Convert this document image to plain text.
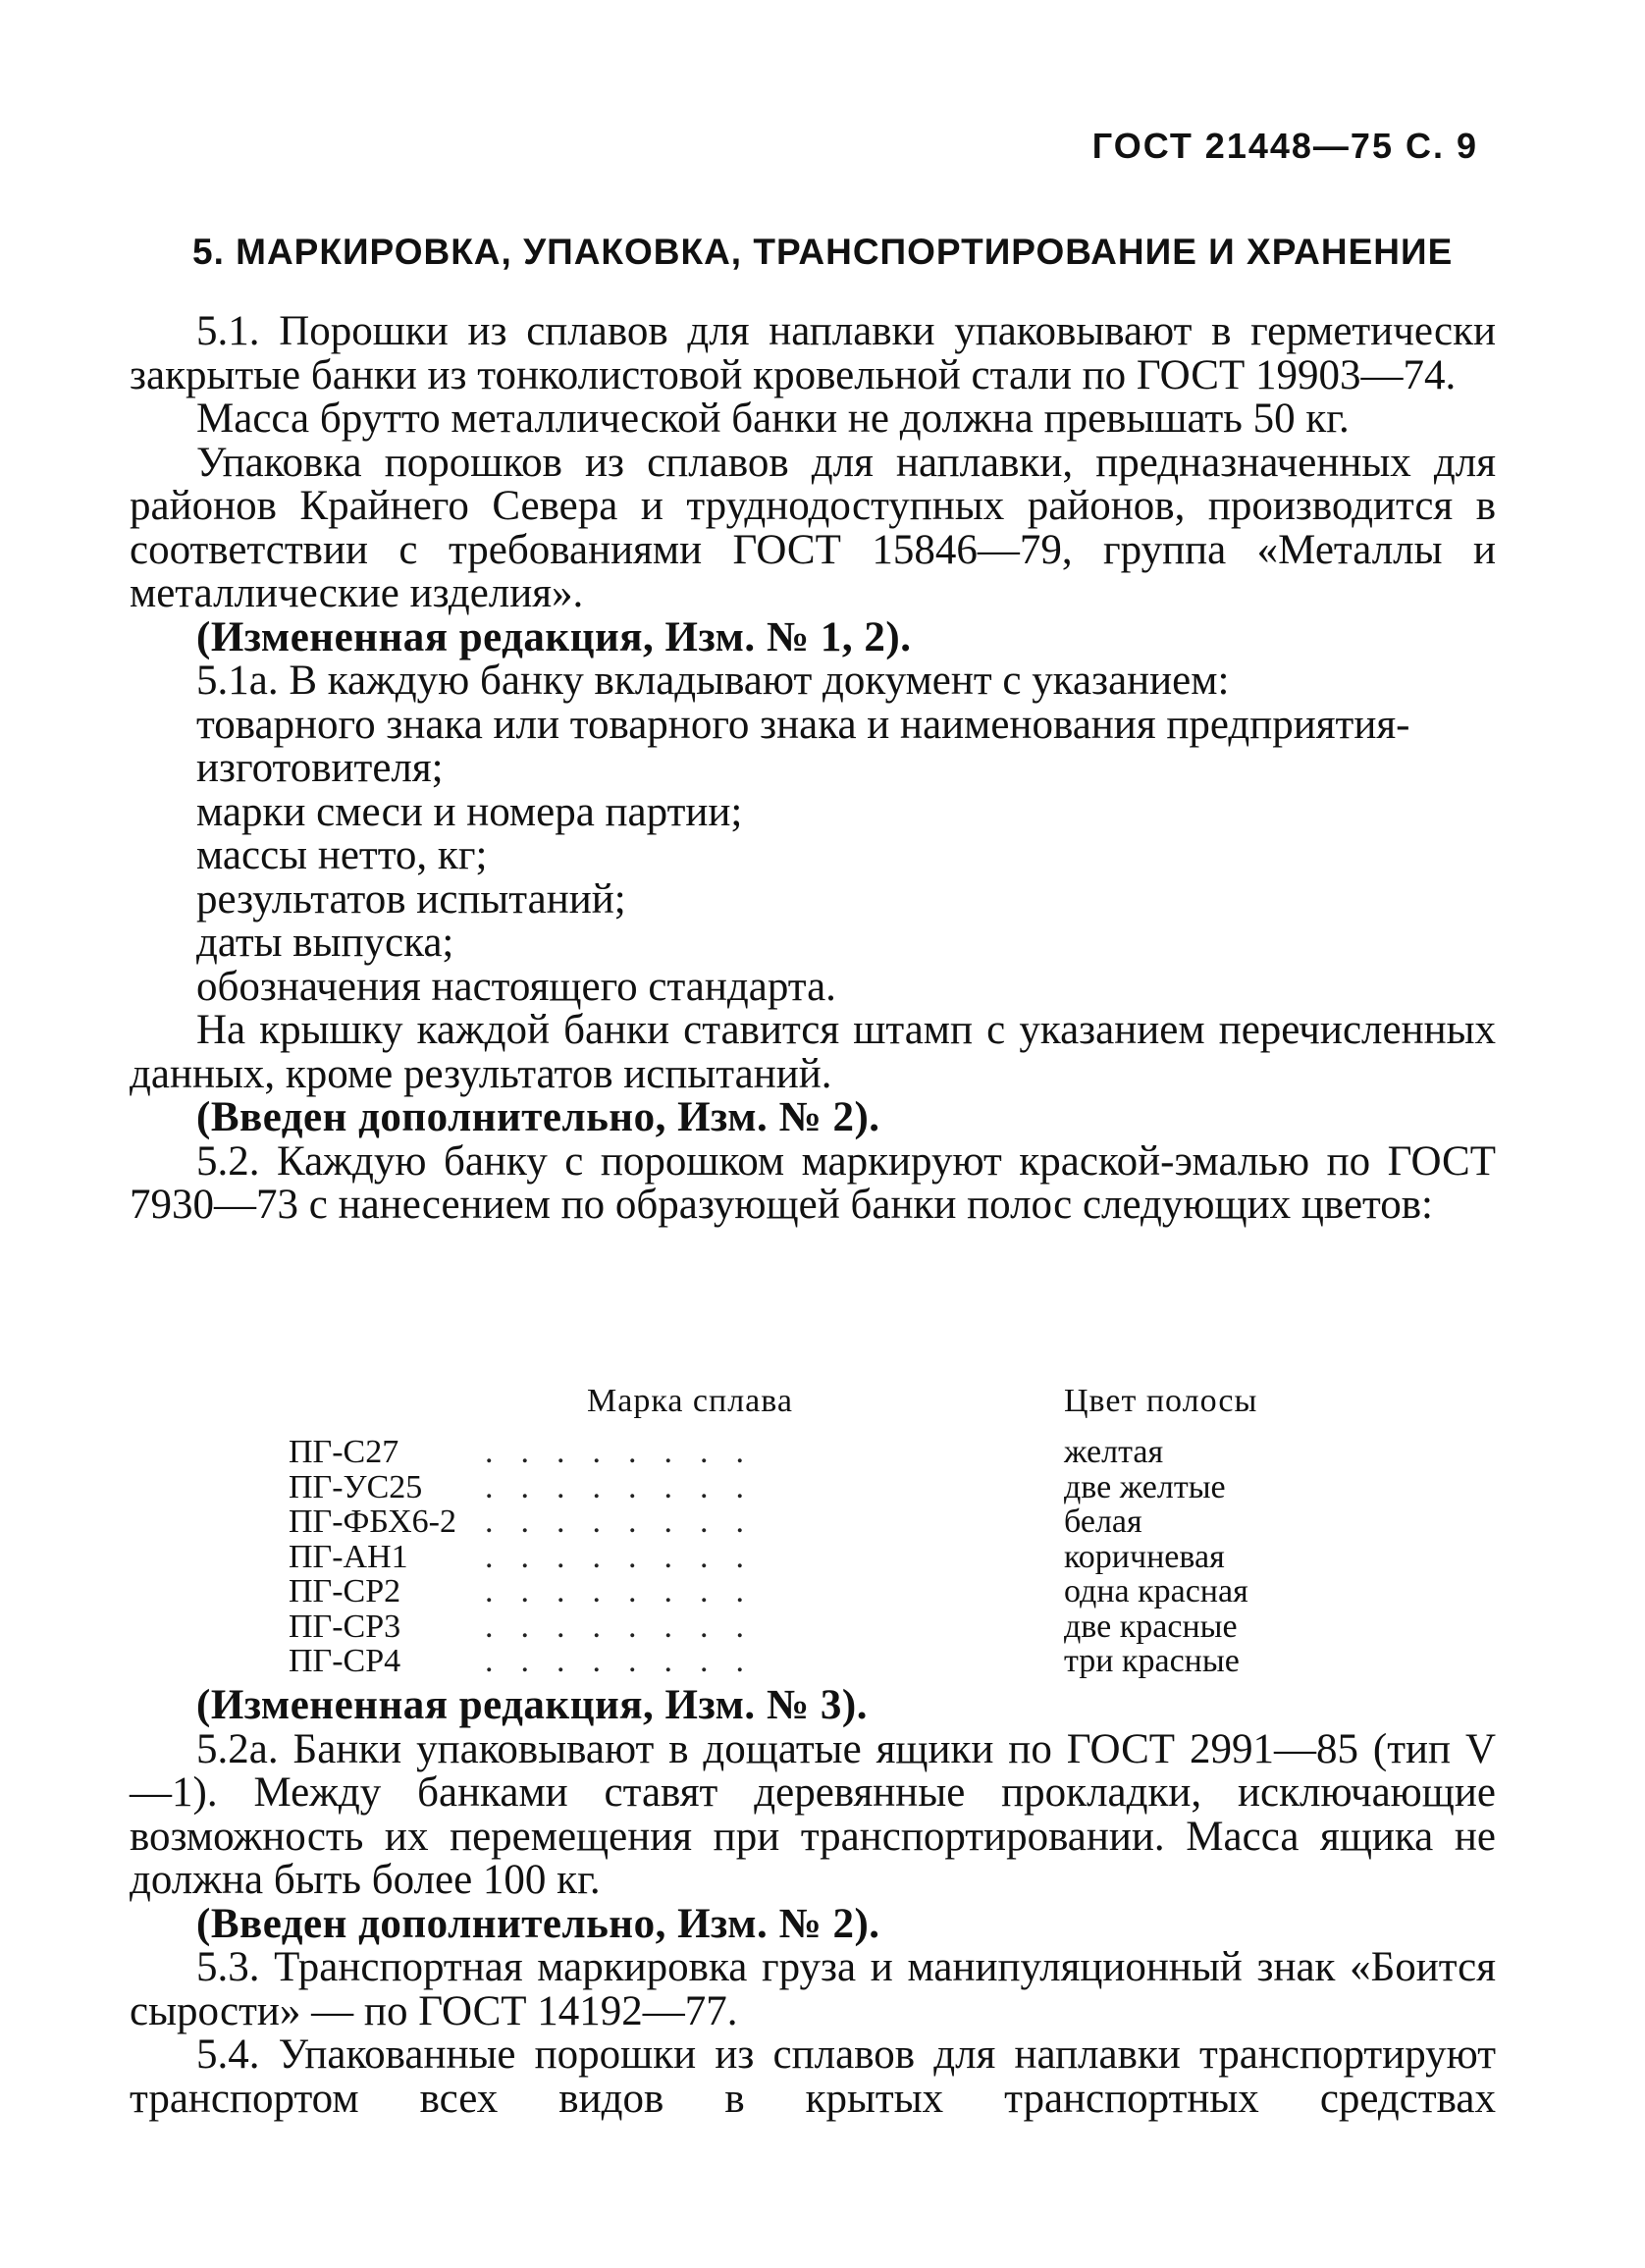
ГОСТ 21448—75 С. 9
5. МАРКИРОВКА, УПАКОВКА, ТРАНСПОРТИРОВАНИЕ И ХРАНЕНИЕ

5.1. Порошки из сплавов для наплавки упаковывают в герметически закрытые банки из тонколистовой кровельной стали по ГОСТ 19903—74.

Масса брутто металлической банки не должна превышать 50 кг.

Упаковка порошков из сплавов для наплавки, предназначенных для районов Крайнего Севера и труднодоступных районов, производится в соответствии с требованиями ГОСТ 15846—79, группа «Металлы и металлические изделия».

(Измененная редакция, Изм. № 1, 2).

5.1а. В каждую банку вкладывают документ с указанием:

товарного знака или товарного знака и наименования предприятия-изготовителя;

марки смеси и номера партии;

массы нетто, кг;

результатов испытаний;

даты выпуска;

обозначения настоящего стандарта.

На крышку каждой банки ставится штамп с указанием перечисленных данных, кроме результатов испытаний.

(Введен дополнительно, Изм. № 2).

5.2. Каждую банку с порошком маркируют краской-эмалью по ГОСТ 7930—73 с нанесением по образующей банки полос следующих цветов:

Марка сплава	Цвет полосы
ПГ-С27	........	желтая
ПГ-УС25 ........	две желтые
ПГ-ФБХ6-2 ........	белая
ПГ-АН1 ........	коричневая
ПГ-СР2	........	одна красная
ПГ-СР3	........	две красные
ПГ-СР4	........	три красные

(Измененная редакция, Изм. № 3).

5.2а. Банки упаковывают в дощатые ящики по ГОСТ 2991—85 (тип V—1). Между банками ставят деревянные прокладки, исключающие возможность их перемещения при транспортировании. Масса ящика не должна быть более 100 кг.

(Введен дополнительно, Изм. № 2).

5.3. Транспортная маркировка груза и манипуляционный знак «Боится сырости» — по ГОСТ 14192—77.

5.4. Упакованные порошки из сплавов для наплавки транспортируют транспортом всех видов в крытых транспортных средствах
